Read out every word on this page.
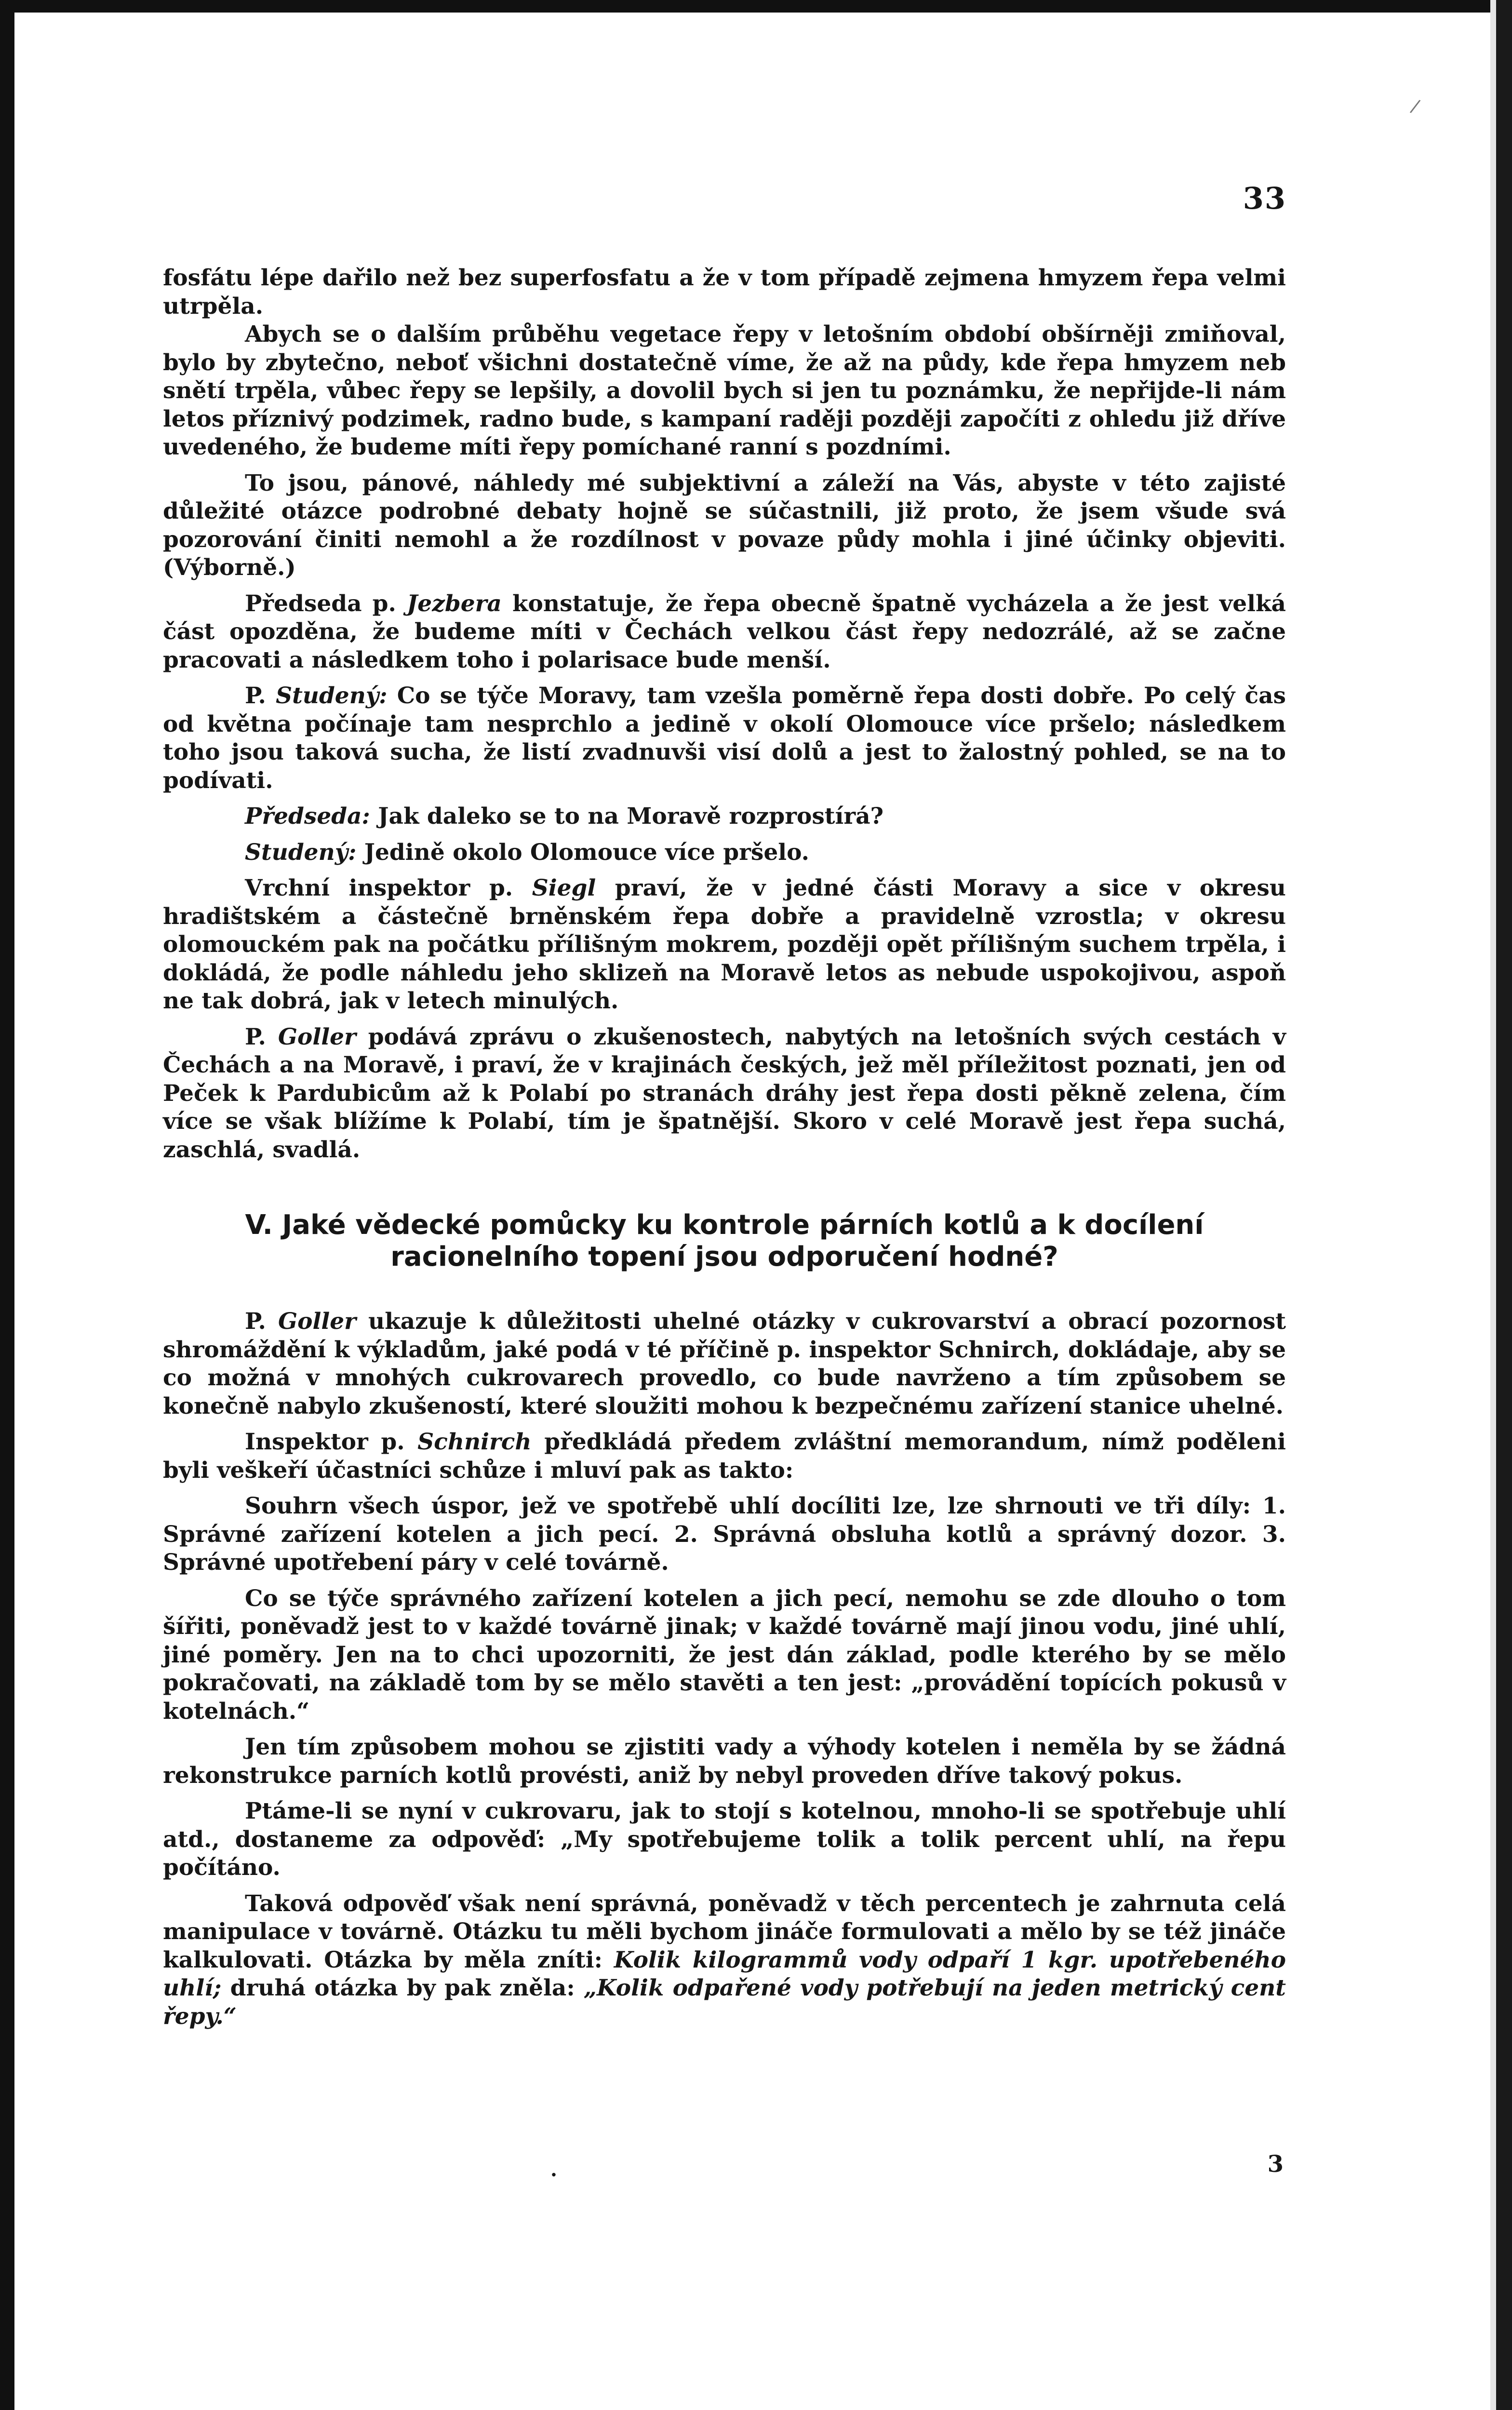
/
33

fosfátu lépe dařilo než bez superfosfatu a že v tom případě zejmena hmyzem řepa velmi utrpěla.

Abych se o dalším průběhu vegetace řepy v letošním období obšírněji zmiňoval, bylo by zbytečno, neboť všichni dostatečně víme, že až na půdy, kde řepa hmyzem neb snětí trpěla, vůbec řepy se lepšily, a dovolil bych si jen tu poznámku, že nepřijde-li nám letos příznivý podzimek, radno bude, s kampaní raději později započíti z ohledu již dříve uvedeného, že budeme míti řepy pomíchané ranní s pozdními.

To jsou, pánové, náhledy mé subjektivní a záleží na Vás, abyste v této zajisté důležité otázce podrobné debaty hojně se súčastnili, již proto, že jsem všude svá pozorování činiti nemohl a že rozdílnost v povaze půdy mohla i jiné účinky objeviti. (Výborně.)

Předseda p. Jezbera konstatuje, že řepa obecně špatně vycházela a že jest velká část opozděna, že budeme míti v Čechách velkou část řepy nedozrálé, až se začne pracovati a následkem toho i polarisace bude menší.

P. Studený: Co se týče Moravy, tam vzešla poměrně řepa dosti dobře. Po celý čas od května počínaje tam nesprchlo a jedině v okolí Olomouce více pršelo; následkem toho jsou taková sucha, že listí zvadnuvši visí dolů a jest to žalostný pohled, se na to podívati.

Předseda: Jak daleko se to na Moravě rozprostírá?

Studený: Jedině okolo Olomouce více pršelo.

Vrchní inspektor p. Siegl praví, že v jedné části Moravy a sice v okresu hradištském a částečně brněnském řepa dobře a pravidelně vzrostla; v okresu olomouckém pak na počátku přílišným mokrem, později opět přílišným suchem trpěla, i dokládá, že podle náhledu jeho sklizeň na Moravě letos as nebude uspokojivou, aspoň ne tak dobrá, jak v letech minulých.

P. Goller podává zprávu o zkušenostech, nabytých na letošních svých cestách v Čechách a na Moravě, i praví, že v krajinách českých, jež měl příležitost poznati, jen od Peček k Pardubicům až k Polabí po stranách dráhy jest řepa dosti pěkně zelena, čím více se však blížíme k Polabí, tím je špatnější. Skoro v celé Moravě jest řepa suchá, zaschlá, svadlá.

V. Jaké vědecké pomůcky ku kontrole párních kotlů a k docílení racionelního topení jsou odporučení hodné?

P. Goller ukazuje k důležitosti uhelné otázky v cukrovarství a obrací pozornost shromáždění k výkladům, jaké podá v té příčině p. inspektor Schnirch, dokládaje, aby se co možná v mnohých cukrovarech provedlo, co bude navrženo a tím způsobem se konečně nabylo zkušeností, které sloužiti mohou k bezpečnému zařízení stanice uhelné.

Inspektor p. Schnirch předkládá předem zvláštní memorandum, nímž poděleni byli veškeří účastníci schůze i mluví pak as takto:

Souhrn všech úspor, jež ve spotřebě uhlí docíliti lze, lze shrnouti ve tři díly: 1. Správné zařízení kotelen a jich pecí. 2. Správná obsluha kotlů a správný dozor. 3. Správné upotřebení páry v celé továrně.

Co se týče správného zařízení kotelen a jich pecí, nemohu se zde dlouho o tom šířiti, poněvadž jest to v každé továrně jinak; v každé továrně mají jinou vodu, jiné uhlí, jiné poměry. Jen na to chci upozorniti, že jest dán základ, podle kterého by se mělo pokračovati, na základě tom by se mělo stavěti a ten jest: „provádění topících pokusů v kotelnách.“

Jen tím způsobem mohou se zjistiti vady a výhody kotelen i neměla by se žádná rekonstrukce parních kotlů provésti, aniž by nebyl proveden dříve takový pokus.

Ptáme-li se nyní v cukrovaru, jak to stojí s kotelnou, mnoho-li se spotřebuje uhlí atd., dostaneme za odpověď: „My spotřebujeme tolik a tolik percent uhlí, na řepu počítáno.

Taková odpověď však není správná, poněvadž v těch percentech je zahrnuta celá manipulace v továrně. Otázku tu měli bychom jináče formulovati a mělo by se též jináče kalkulovati. Otázka by měla zníti: Kolik kilogrammů vody odpaří 1 kgr. upotřebeného uhlí; druhá otázka by pak zněla: „Kolik odpařené vody potřebují na jeden metrický cent řepy.“

.	3
